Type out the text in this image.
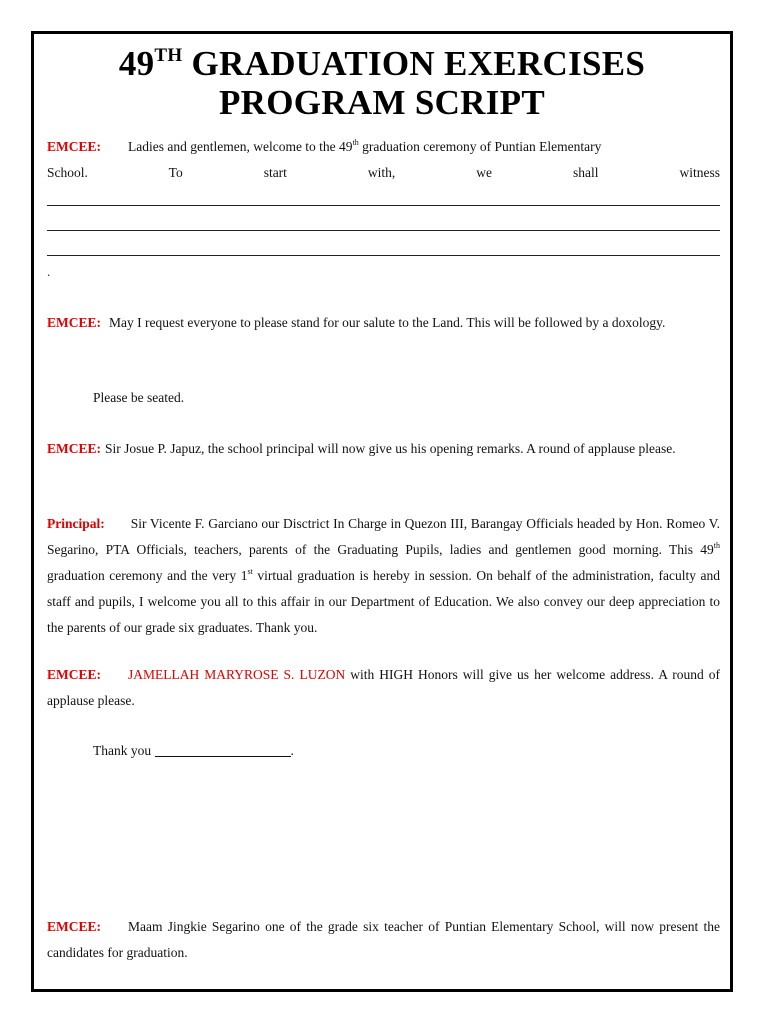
49TH GRADUATION EXERCISES
PROGRAM SCRIPT
EMCEE: Ladies and gentlemen, welcome to the 49th graduation ceremony of Puntian Elementary
School.	To	start	with,	we	shall	witness
.
EMCEE: May I request everyone to please stand for our salute to the Land. This will be followed by a doxology.
Please be seated.
EMCEE: Sir Josue P. Japuz, the school principal will now give us his opening remarks. A round of applause please.
Principal: Sir Vicente F. Garciano our Disctrict In Charge in Quezon III, Barangay Officials headed by Hon. Romeo V. Segarino, PTA Officials, teachers, parents of the Graduating Pupils, ladies and gentlemen good morning. This 49th graduation ceremony and the very 1st virtual graduation is hereby in session. On behalf of the administration, faculty and staff and pupils, I welcome you all to this affair in our Department of Education. We also convey our deep appreciation to the parents of our grade six graduates. Thank you.
EMCEE: JAMELLAH MARYROSE S. LUZON with HIGH Honors will give us her welcome address. A round of applause please.
Thank you	.
EMCEE: Maam Jingkie Segarino one of the grade six teacher of Puntian Elementary School, will now present the candidates for graduation.
